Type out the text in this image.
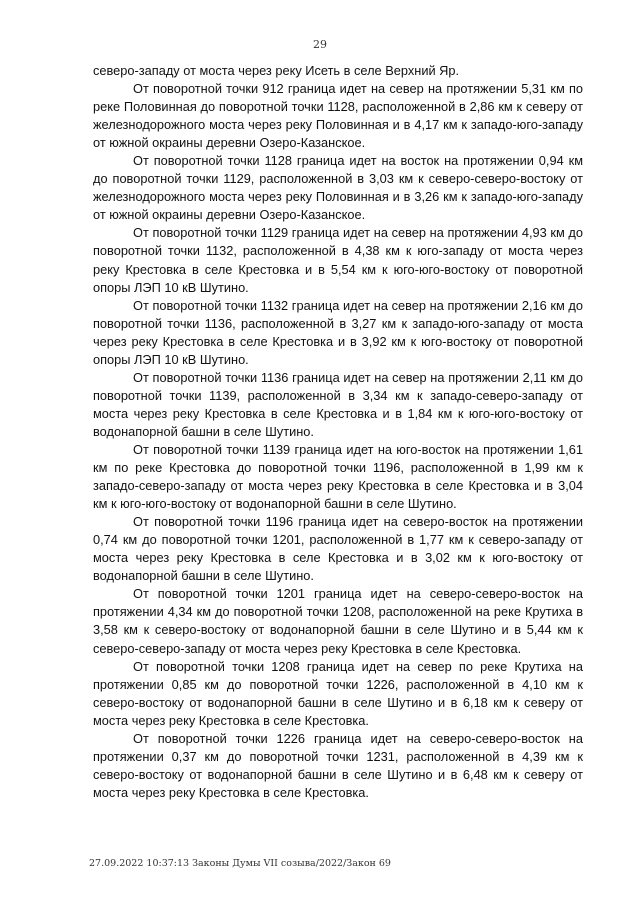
29

северо-западу от моста через реку Исеть в селе Верхний Яр.

От поворотной точки 912 граница идет на север на протяжении 5,31 км по реке Половинная до поворотной точки 1128, расположенной в 2,86 км к северу от железнодорожного моста через реку Половинная и в 4,17 км к западо-юго-западу от южной окраины деревни Озеро-Казанское.

От поворотной точки 1128 граница идет на восток на протяжении 0,94 км до поворотной точки 1129, расположенной в 3,03 км к северо-северо-востоку от железнодорожного моста через реку Половинная и в 3,26 км к западо-юго-западу от южной окраины деревни Озеро-Казанское.

От поворотной точки 1129 граница идет на север на протяжении 4,93 км до поворотной точки 1132, расположенной в 4,38 км к юго-западу от моста через реку Крестовка в селе Крестовка и в 5,54 км к юго-юго-востоку от поворотной опоры ЛЭП 10 кВ Шутино.

От поворотной точки 1132 граница идет на север на протяжении 2,16 км до поворотной точки 1136, расположенной в 3,27 км к западо-юго-западу от моста через реку Крестовка в селе Крестовка и в 3,92 км к юго-востоку от поворотной опоры ЛЭП 10 кВ Шутино.

От поворотной точки 1136 граница идет на север на протяжении 2,11 км до поворотной точки 1139, расположенной в 3,34 км к западо-северо-западу от моста через реку Крестовка в селе Крестовка и в 1,84 км к юго-юго-востоку от водонапорной башни в селе Шутино.

От поворотной точки 1139 граница идет на юго-восток на протяжении 1,61 км по реке Крестовка до поворотной точки 1196, расположенной в 1,99 км к западо-северо-западу от моста через реку Крестовка в селе Крестовка и в 3,04 км к юго-юго-востоку от водонапорной башни в селе Шутино.

От поворотной точки 1196 граница идет на северо-восток на протяжении 0,74 км до поворотной точки 1201, расположенной в 1,77 км к северо-западу от моста через реку Крестовка в селе Крестовка и в 3,02 км к юго-востоку от водонапорной башни в селе Шутино.

От поворотной точки 1201 граница идет на северо-северо-восток на протяжении 4,34 км до поворотной точки 1208, расположенной на реке Крутиха в 3,58 км к северо-востоку от водонапорной башни в селе Шутино и в 5,44 км к северо-северо-западу от моста через реку Крестовка в селе Крестовка.

От поворотной точки 1208 граница идет на север по реке Крутиха на протяжении 0,85 км до поворотной точки 1226, расположенной в 4,10 км к северо-востоку от водонапорной башни в селе Шутино и в 6,18 км к северу от моста через реку Крестовка в селе Крестовка.

От поворотной точки 1226 граница идет на северо-северо-восток на протяжении 0,37 км до поворотной точки 1231, расположенной в 4,39 км к северо-востоку от водонапорной башни в селе Шутино и в 6,48 км к северу от моста через реку Крестовка в селе Крестовка.

27.09.2022 10:37:13 Законы Думы VII созыва/2022/Закон 69
